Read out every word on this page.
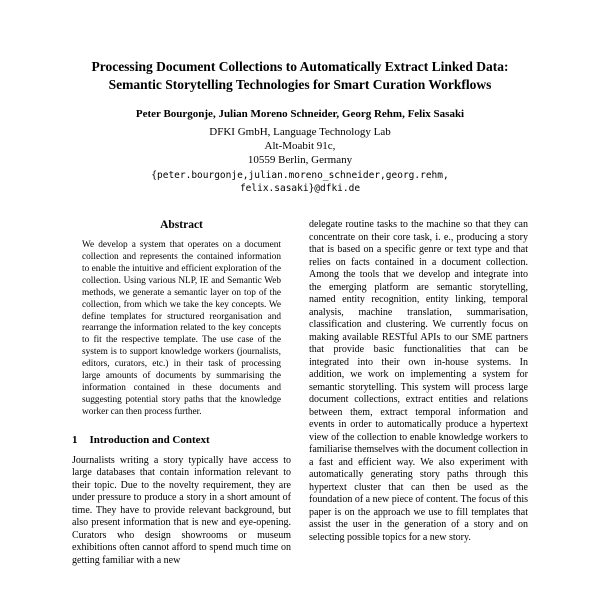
Processing Document Collections to Automatically Extract Linked Data: Semantic Storytelling Technologies for Smart Curation Workflows
Peter Bourgonje, Julian Moreno Schneider, Georg Rehm, Felix Sasaki
DFKI GmbH, Language Technology Lab
Alt-Moabit 91c,
10559 Berlin, Germany
{peter.bourgonje,julian.moreno_schneider,georg.rehm,
felix.sasaki}@dfki.de
Abstract
We develop a system that operates on a document collection and represents the contained information to enable the intuitive and efficient exploration of the collection. Using various NLP, IE and Semantic Web methods, we generate a semantic layer on top of the collection, from which we take the key concepts. We define templates for structured reorganisation and rearrange the information related to the key concepts to fit the respective template. The use case of the system is to support knowledge workers (journalists, editors, curators, etc.) in their task of processing large amounts of documents by summarising the information contained in these documents and suggesting potential story paths that the knowledge worker can then process further.
1 Introduction and Context
Journalists writing a story typically have access to large databases that contain information relevant to their topic. Due to the novelty requirement, they are under pressure to produce a story in a short amount of time. They have to provide relevant background, but also present information that is new and eye-opening. Curators who design showrooms or museum exhibitions often cannot afford to spend much time on getting familiar with a new
delegate routine tasks to the machine so that they can concentrate on their core task, i. e., producing a story that is based on a specific genre or text type and that relies on facts contained in a document collection. Among the tools that we develop and integrate into the emerging platform are semantic storytelling, named entity recognition, entity linking, temporal analysis, machine translation, summarisation, classification and clustering. We currently focus on making available RESTful APIs to our SME partners that provide basic functionalities that can be integrated into their own in-house systems. In addition, we work on implementing a system for semantic storytelling. This system will process large document collections, extract entities and relations between them, extract temporal information and events in order to automatically produce a hypertext view of the collection to enable knowledge workers to familiarise themselves with the document collection in a fast and efficient way. We also experiment with automatically generating story paths through this hypertext cluster that can then be used as the foundation of a new piece of content. The focus of this paper is on the approach we use to fill templates that assist the user in the generation of a story and on selecting possible topics for a new story.
